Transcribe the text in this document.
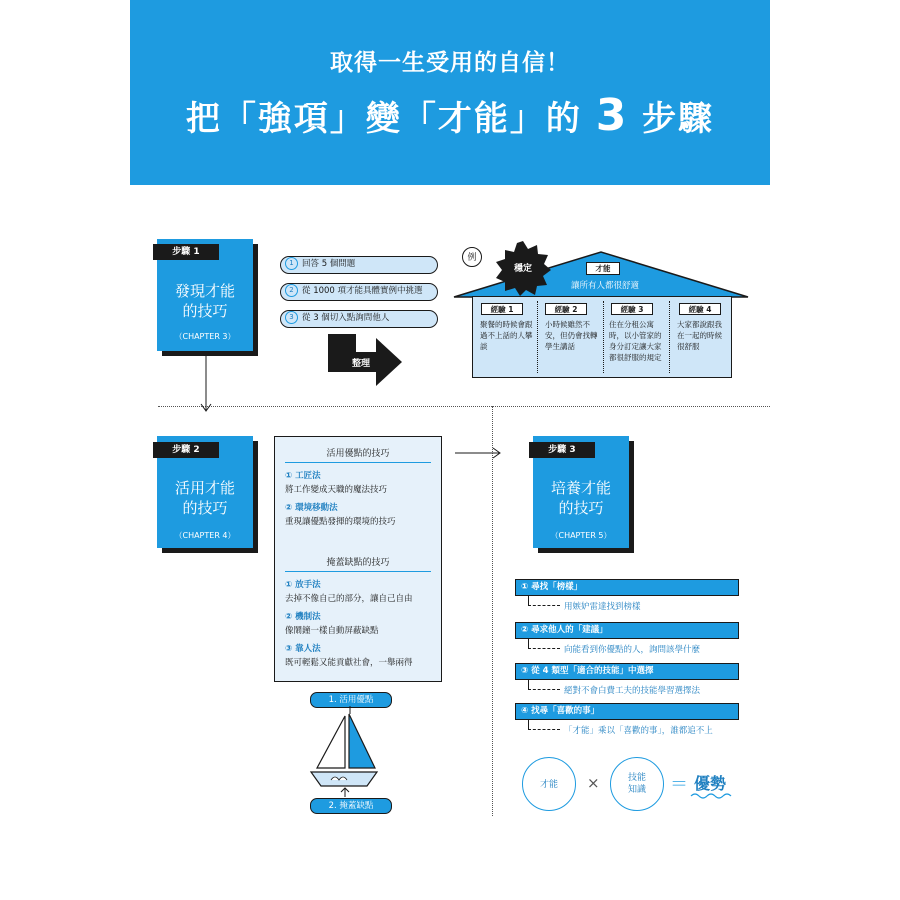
取得一生受用的自信！
把「強項」變「才能」的 3 步驟
發現才能
的技巧
（CHAPTER 3）
步驟 1
1 回答 5 個問題
2 從 1000 項才能具體實例中挑選
3 從 3 個切入點詢問他人
整理
例
穩定	才能
讓所有人都很舒適
經驗 1
聚餐的時候會跟過不上話的人攀談
經驗 2
小時候雖然不安，但仍會找轉學生講話
經驗 3
住在分租公寓時，以小管家的身分訂定讓大家都很舒服的規定
經驗 4
大家都說跟我在一起的時候很舒服
活用才能
的技巧
（CHAPTER 4）
步驟 2	活用優點的技巧
① 工匠法
將工作變成天職的魔法技巧
② 環境移動法
重現讓優點發揮的環境的技巧
掩蓋缺點的技巧
① 放手法
去掉不像自己的部分，讓自己自由
② 機制法
像鬧鐘一樣自動屏蔽缺點
③ 靠人法
既可輕鬆又能貢獻社會，一舉兩得
1. 活用優點
2. 掩蓋缺點
培養才能
的技巧
（CHAPTER 5）
步驟 3
① 尋找「榜樣」
用嫉妒雷達找到榜樣
② 尋求他人的「建議」
向能看到你優點的人，詢問該學什麼
③ 從 4 類型「適合的技能」中選擇
絕對不會白費工夫的技能學習選擇法
④ 找尋「喜歡的事」
「才能」乘以「喜歡的事」，誰都追不上
才能	×	技能
知識	＝ 優勢
